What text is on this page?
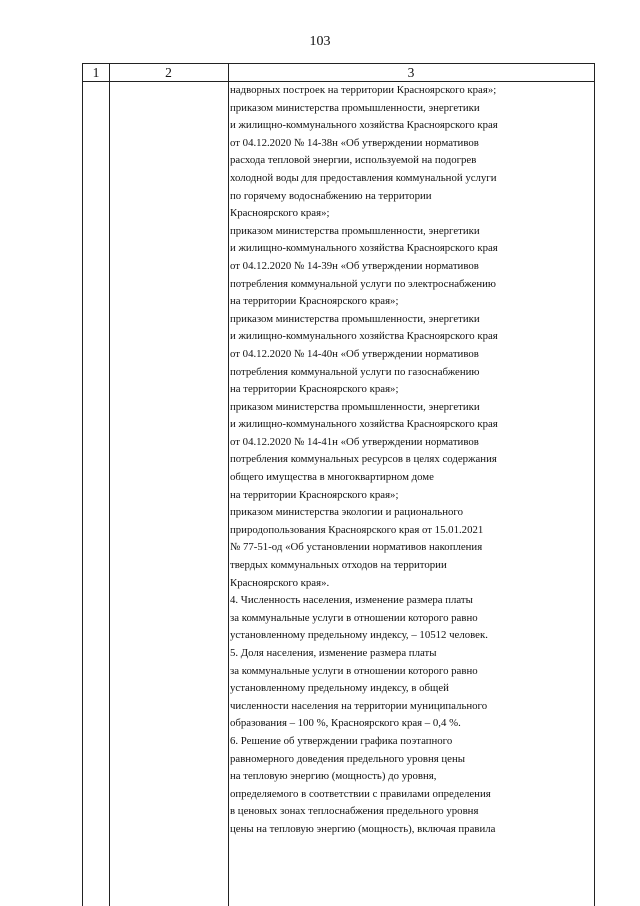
103
1	2	3
надворных построек на территории Красноярского края»;
приказом министерства промышленности, энергетики
и жилищно-коммунального хозяйства Красноярского края
от 04.12.2020 № 14-38н «Об утверждении нормативов
расхода тепловой энергии, используемой на подогрев
холодной воды для предоставления коммунальной услуги
по горячему водоснабжению на территории
Красноярского края»;
приказом министерства промышленности, энергетики
и жилищно-коммунального хозяйства Красноярского края
от 04.12.2020 № 14-39н «Об утверждении нормативов
потребления коммунальной услуги по электроснабжению
на территории Красноярского края»;
приказом министерства промышленности, энергетики
и жилищно-коммунального хозяйства Красноярского края
от 04.12.2020 № 14-40н «Об утверждении нормативов
потребления коммунальной услуги по газоснабжению
на территории Красноярского края»;
приказом министерства промышленности, энергетики
и жилищно-коммунального хозяйства Красноярского края
от 04.12.2020 № 14-41н «Об утверждении нормативов
потребления коммунальных ресурсов в целях содержания
общего имущества в многоквартирном доме
на территории Красноярского края»;
приказом министерства экологии и рационального
природопользования Красноярского края от 15.01.2021
№ 77-51-од «Об установлении нормативов накопления
твердых коммунальных отходов на территории
Красноярского края».
4. Численность населения, изменение размера платы
за коммунальные услуги в отношении которого равно
установленному предельному индексу, – 10512 человек.
5. Доля населения, изменение размера платы
за коммунальные услуги в отношении которого равно
установленному предельному индексу, в общей
численности населения на территории муниципального
образования – 100 %, Красноярского края – 0,4 %.
6. Решение об утверждении графика поэтапного
равномерного доведения предельного уровня цены
на тепловую энергию (мощность) до уровня,
определяемого в соответствии с правилами определения
в ценовых зонах теплоснабжения предельного уровня
цены на тепловую энергию (мощность), включая правила
